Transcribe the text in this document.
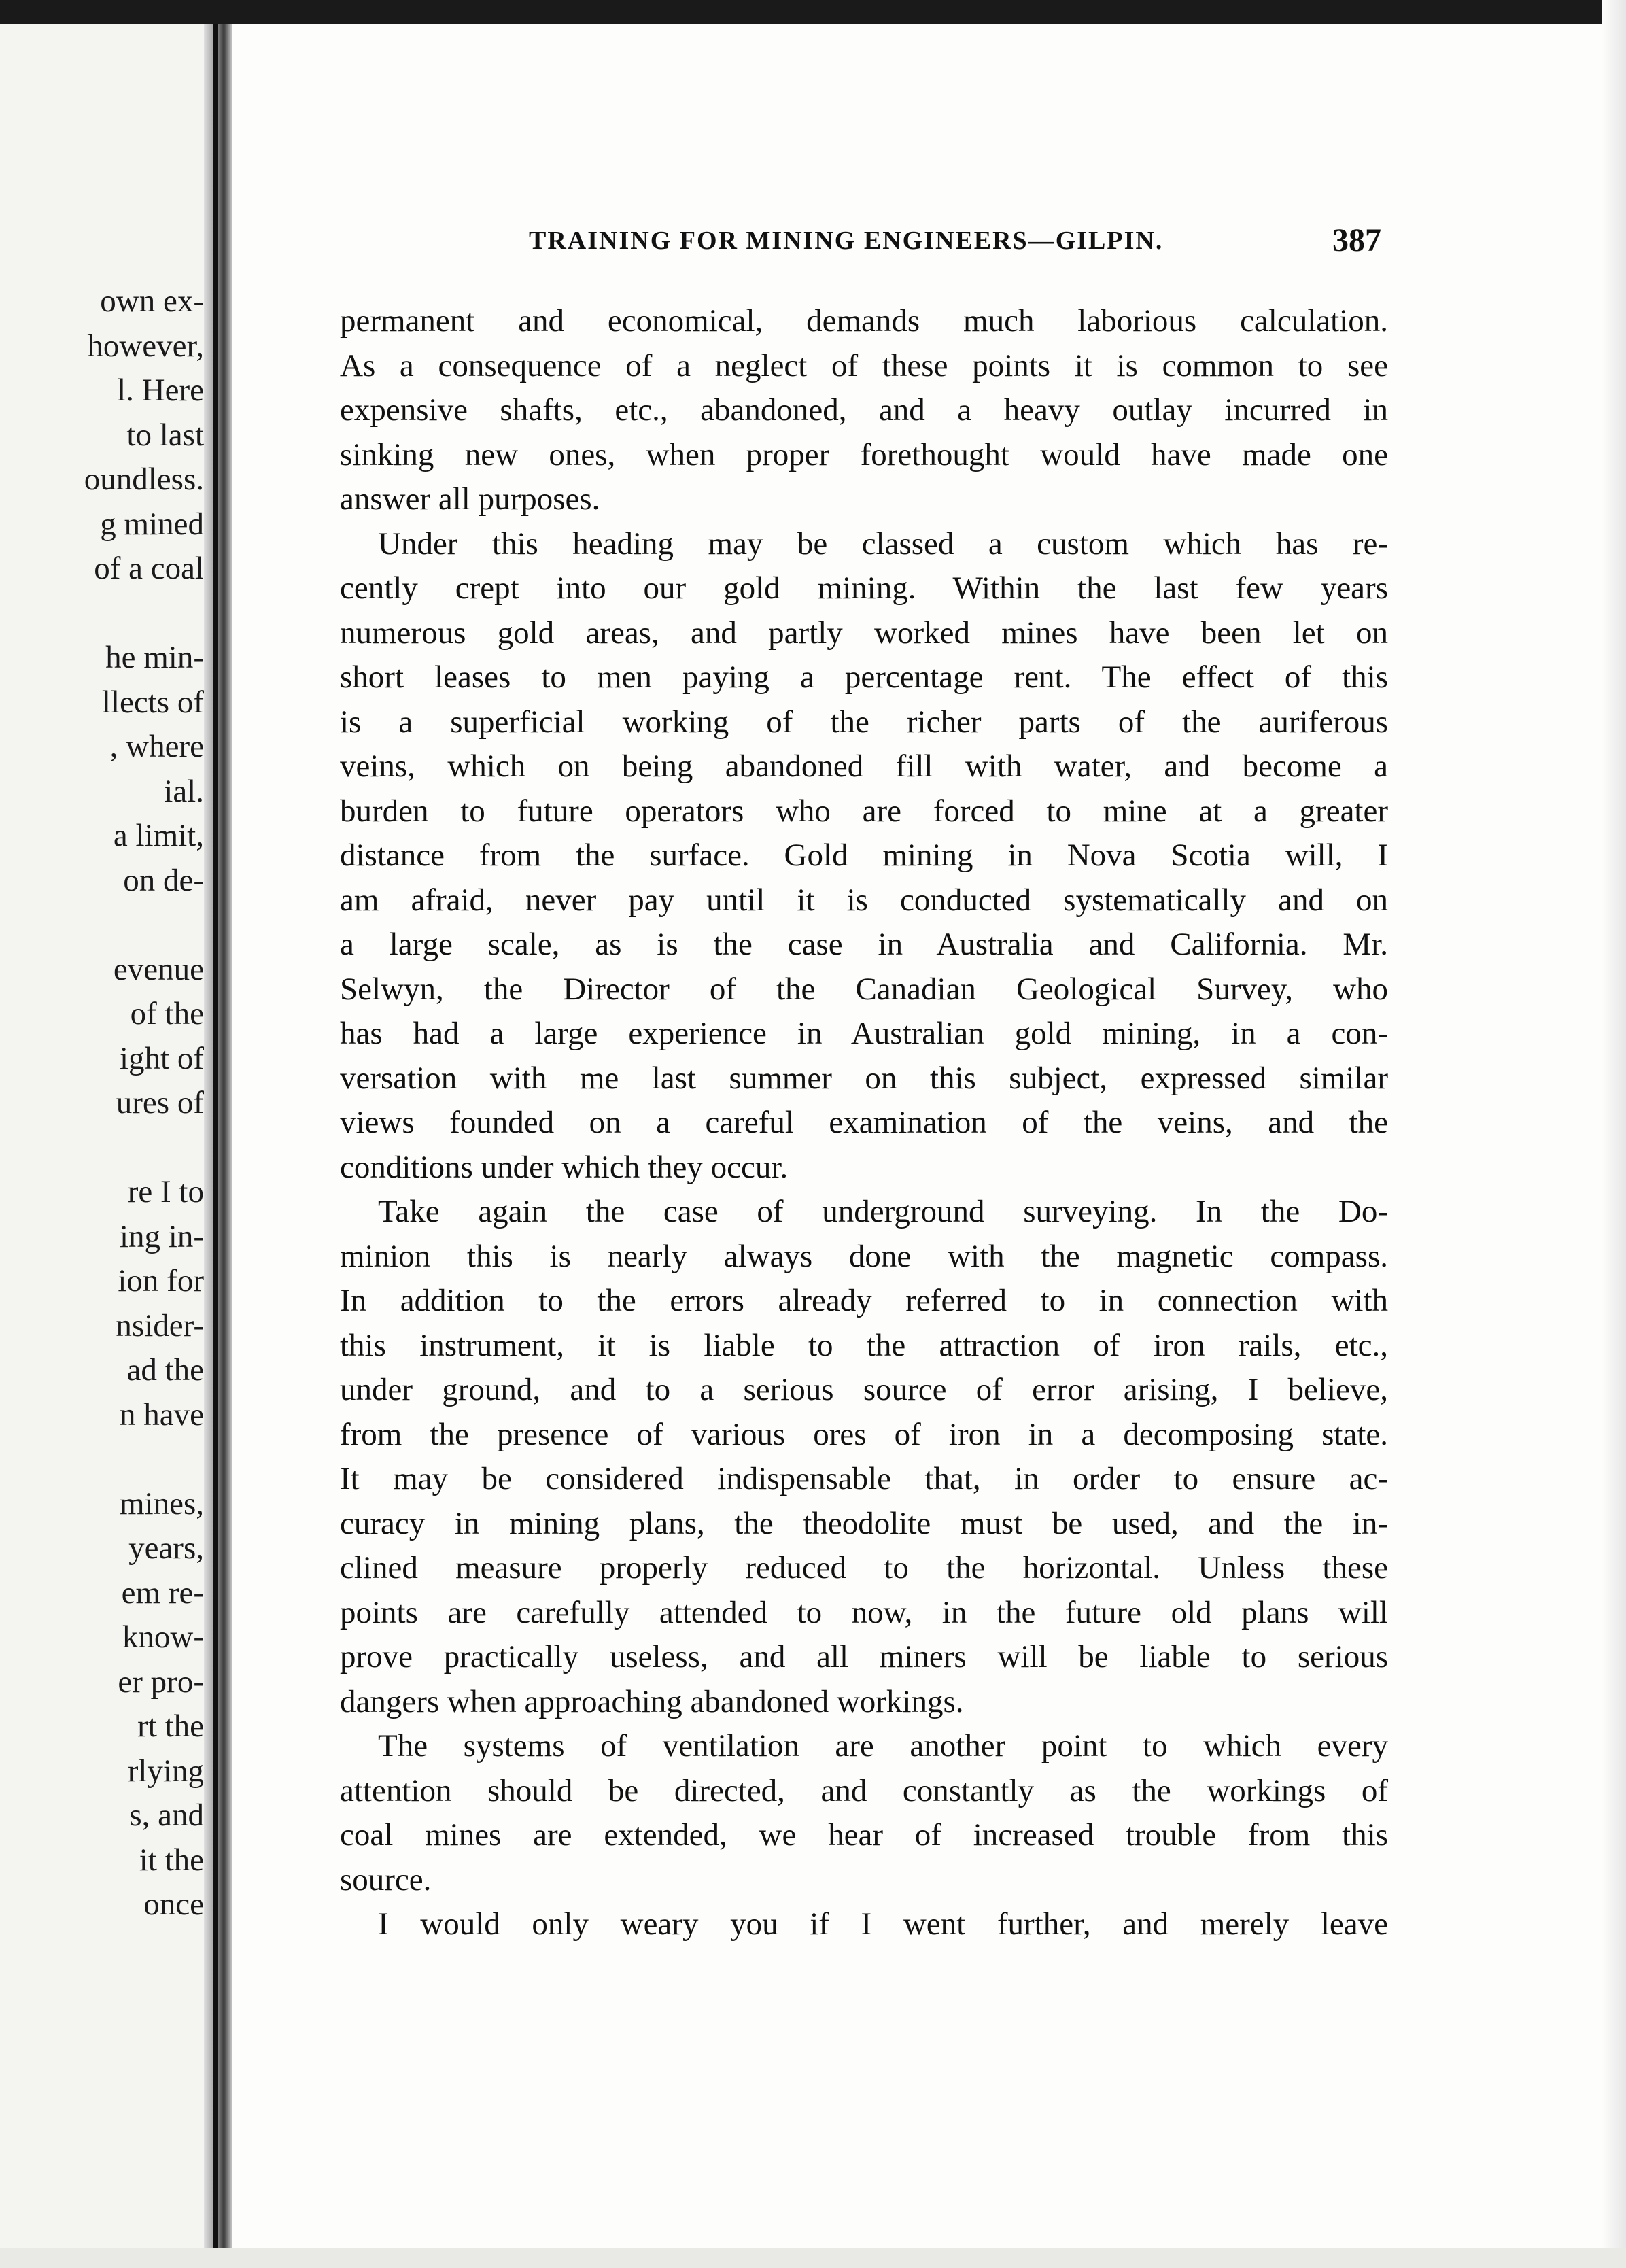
own ex-
however,
l. Here
to last
oundless.
g mined
of a coal
he min-
llects of
, where
ial.
a limit,
on de-
evenue
of the
ight of
ures of
re I to
ing in-
ion for
nsider-
ad the
n have
mines,
years,
em re-
know-
er pro-
rt the
rlying
s, and
it the
once
TRAINING FOR MINING ENGINEERS—GILPIN.	387
permanent and economical, demands much laborious calculation.
As a consequence of a neglect of these points it is common to see
expensive shafts, etc., abandoned, and a heavy outlay incurred in
sinking new ones, when proper forethought would have made one
answer all purposes.
Under this heading may be classed a custom which has re-
cently crept into our gold mining. Within the last few years
numerous gold areas, and partly worked mines have been let on
short leases to men paying a percentage rent. The effect of this
is a superficial working of the richer parts of the auriferous
veins, which on being abandoned fill with water, and become a
burden to future operators who are forced to mine at a greater
distance from the surface. Gold mining in Nova Scotia will, I
am afraid, never pay until it is conducted systematically and on
a large scale, as is the case in Australia and California. Mr.
Selwyn, the Director of the Canadian Geological Survey, who
has had a large experience in Australian gold mining, in a con-
versation with me last summer on this subject, expressed similar
views founded on a careful examination of the veins, and the
conditions under which they occur.
Take again the case of underground surveying. In the Do-
minion this is nearly always done with the magnetic compass.
In addition to the errors already referred to in connection with
this instrument, it is liable to the attraction of iron rails, etc.,
under ground, and to a serious source of error arising, I believe,
from the presence of various ores of iron in a decomposing state.
It may be considered indispensable that, in order to ensure ac-
curacy in mining plans, the theodolite must be used, and the in-
clined measure properly reduced to the horizontal. Unless these
points are carefully attended to now, in the future old plans will
prove practically useless, and all miners will be liable to serious
dangers when approaching abandoned workings.
The systems of ventilation are another point to which every
attention should be directed, and constantly as the workings of
coal mines are extended, we hear of increased trouble from this
source.
I would only weary you if I went further, and merely leave
